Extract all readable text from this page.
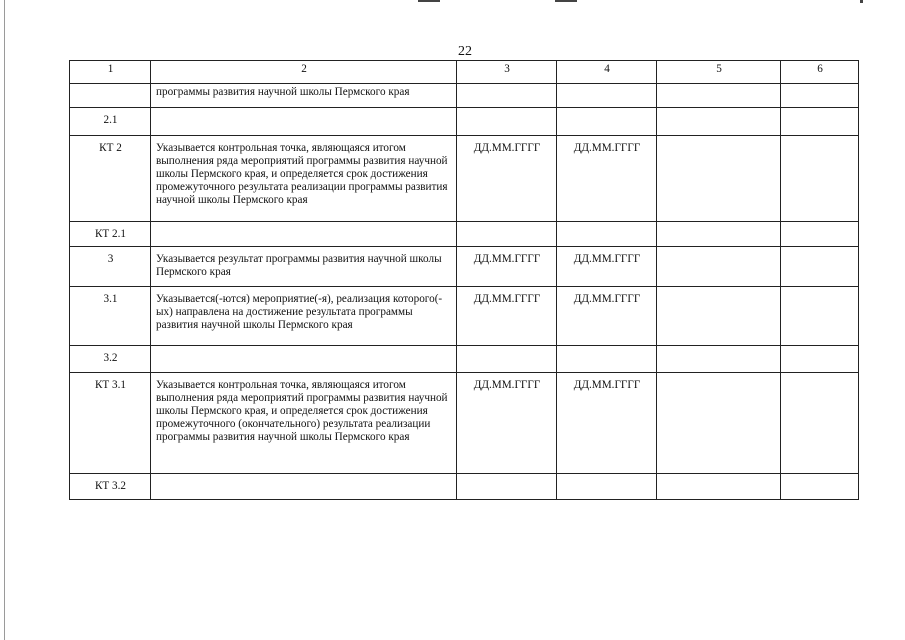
22
1	2	3	4	5	6
	программы развития научной школы Пермского края				
2.1					
КТ 2	Указывается контрольная точка, являющаяся итогом выполнения ряда мероприятий программы развития научной школы Пермского края, и определяется срок достижения промежуточного результата реализации программы развития научной школы Пермского края	ДД.ММ.ГГГГ	ДД.ММ.ГГГГ		
КТ 2.1					
3	Указывается результат программы развития научной школы Пермского края	ДД.ММ.ГГГГ	ДД.ММ.ГГГГ		
3.1	Указывается(-ются) мероприятие(-я), реализация которого(-ых) направлена на достижение результата программы развития научной школы Пермского края	ДД.ММ.ГГГГ	ДД.ММ.ГГГГ		
3.2					
КТ 3.1	Указывается контрольная точка, являющаяся итогом выполнения ряда мероприятий программы развития научной школы Пермского края, и определяется срок достижения промежуточного (окончательного) результата реализации программы развития научной школы Пермского края	ДД.ММ.ГГГГ	ДД.ММ.ГГГГ		
КТ 3.2					
